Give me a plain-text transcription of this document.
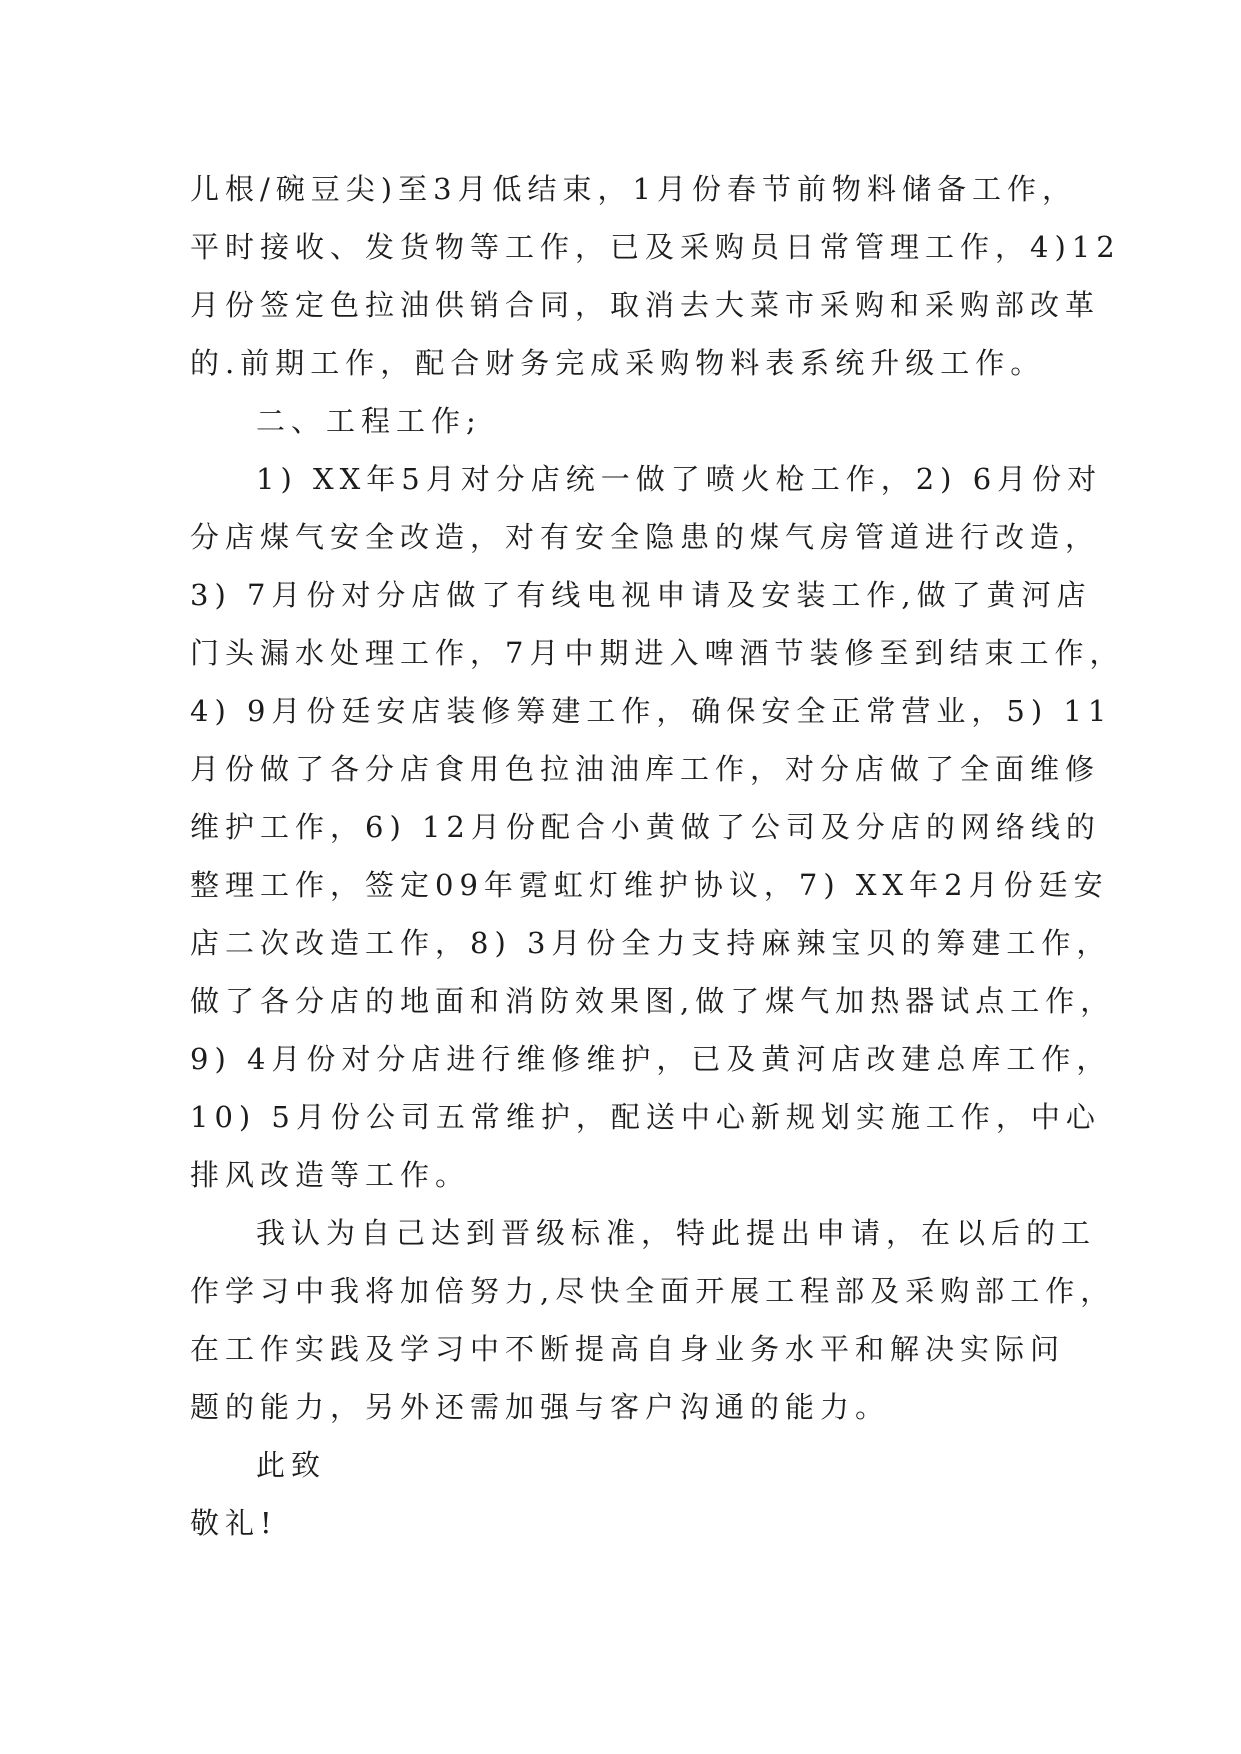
儿根/碗豆尖)至3月低结束，1月份春节前物料储备工作，
平时接收、发货物等工作，已及采购员日常管理工作，4)12
月份签定色拉油供销合同，取消去大菜市采购和采购部改革
的.前期工作，配合财务完成采购物料表系统升级工作。
二、工程工作;
1) XX年5月对分店统一做了喷火枪工作，2) 6月份对
分店煤气安全改造，对有安全隐患的煤气房管道进行改造，
3) 7月份对分店做了有线电视申请及安装工作,做了黄河店
门头漏水处理工作，7月中期进入啤酒节装修至到结束工作，
4) 9月份廷安店装修筹建工作，确保安全正常营业，5) 11
月份做了各分店食用色拉油油库工作，对分店做了全面维修
维护工作，6) 12月份配合小黄做了公司及分店的网络线的
整理工作，签定09年霓虹灯维护协议，7) XX年2月份廷安
店二次改造工作，8) 3月份全力支持麻辣宝贝的筹建工作，
做了各分店的地面和消防效果图,做了煤气加热器试点工作，
9) 4月份对分店进行维修维护，已及黄河店改建总库工作，
10) 5月份公司五常维护，配送中心新规划实施工作，中心
排风改造等工作。
我认为自己达到晋级标准，特此提出申请，在以后的工
作学习中我将加倍努力,尽快全面开展工程部及采购部工作，
在工作实践及学习中不断提高自身业务水平和解决实际问
题的能力，另外还需加强与客户沟通的能力。
此致
敬礼!
